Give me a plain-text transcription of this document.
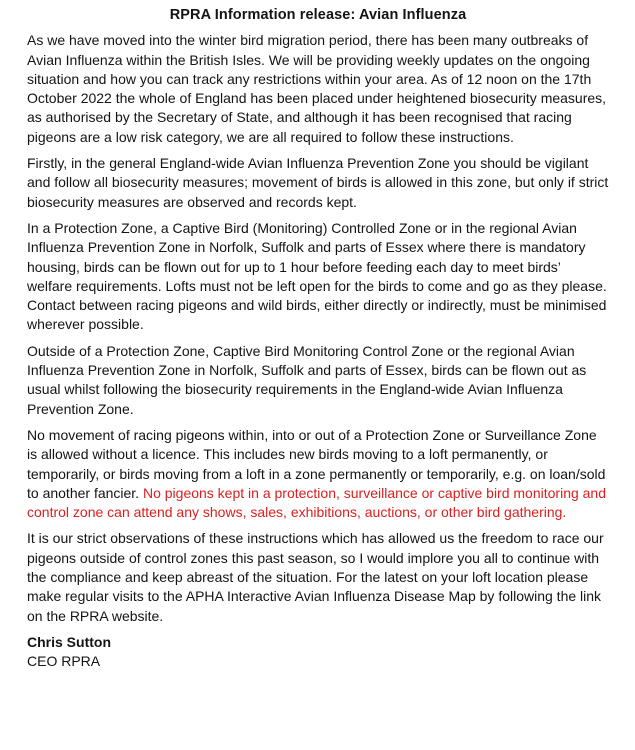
RPRA Information release: Avian Influenza

As we have moved into the winter bird migration period, there has been many outbreaks of Avian Influenza within the British Isles. We will be providing weekly updates on the ongoing situation and how you can track any restrictions within your area. As of 12 noon on the 17th October 2022 the whole of England has been placed under heightened biosecurity measures, as authorised by the Secretary of State, and although it has been recognised that racing pigeons are a low risk category, we are all required to follow these instructions.

Firstly, in the general England-wide Avian Influenza Prevention Zone you should be vigilant and follow all biosecurity measures; movement of birds is allowed in this zone, but only if strict biosecurity measures are observed and records kept.

In a Protection Zone, a Captive Bird (Monitoring) Controlled Zone or in the regional Avian Influenza Prevention Zone in Norfolk, Suffolk and parts of Essex where there is mandatory housing, birds can be flown out for up to 1 hour before feeding each day to meet birds’ welfare requirements. Lofts must not be left open for the birds to come and go as they please. Contact between racing pigeons and wild birds, either directly or indirectly, must be minimised wherever possible.

Outside of a Protection Zone, Captive Bird Monitoring Control Zone or the regional Avian Influenza Prevention Zone in Norfolk, Suffolk and parts of Essex, birds can be flown out as usual whilst following the biosecurity requirements in the England-wide Avian Influenza Prevention Zone.

No movement of racing pigeons within, into or out of a Protection Zone or Surveillance Zone is allowed without a licence. This includes new birds moving to a loft permanently, or temporarily, or birds moving from a loft in a zone permanently or temporarily, e.g. on loan/sold to another fancier. No pigeons kept in a protection, surveillance or captive bird monitoring and control zone can attend any shows, sales, exhibitions, auctions, or other bird gathering.

It is our strict observations of these instructions which has allowed us the freedom to race our pigeons outside of control zones this past season, so I would implore you all to continue with the compliance and keep abreast of the situation. For the latest on your loft location please make regular visits to the APHA Interactive Avian Influenza Disease Map by following the link on the RPRA website.

Chris Sutton

CEO RPRA
